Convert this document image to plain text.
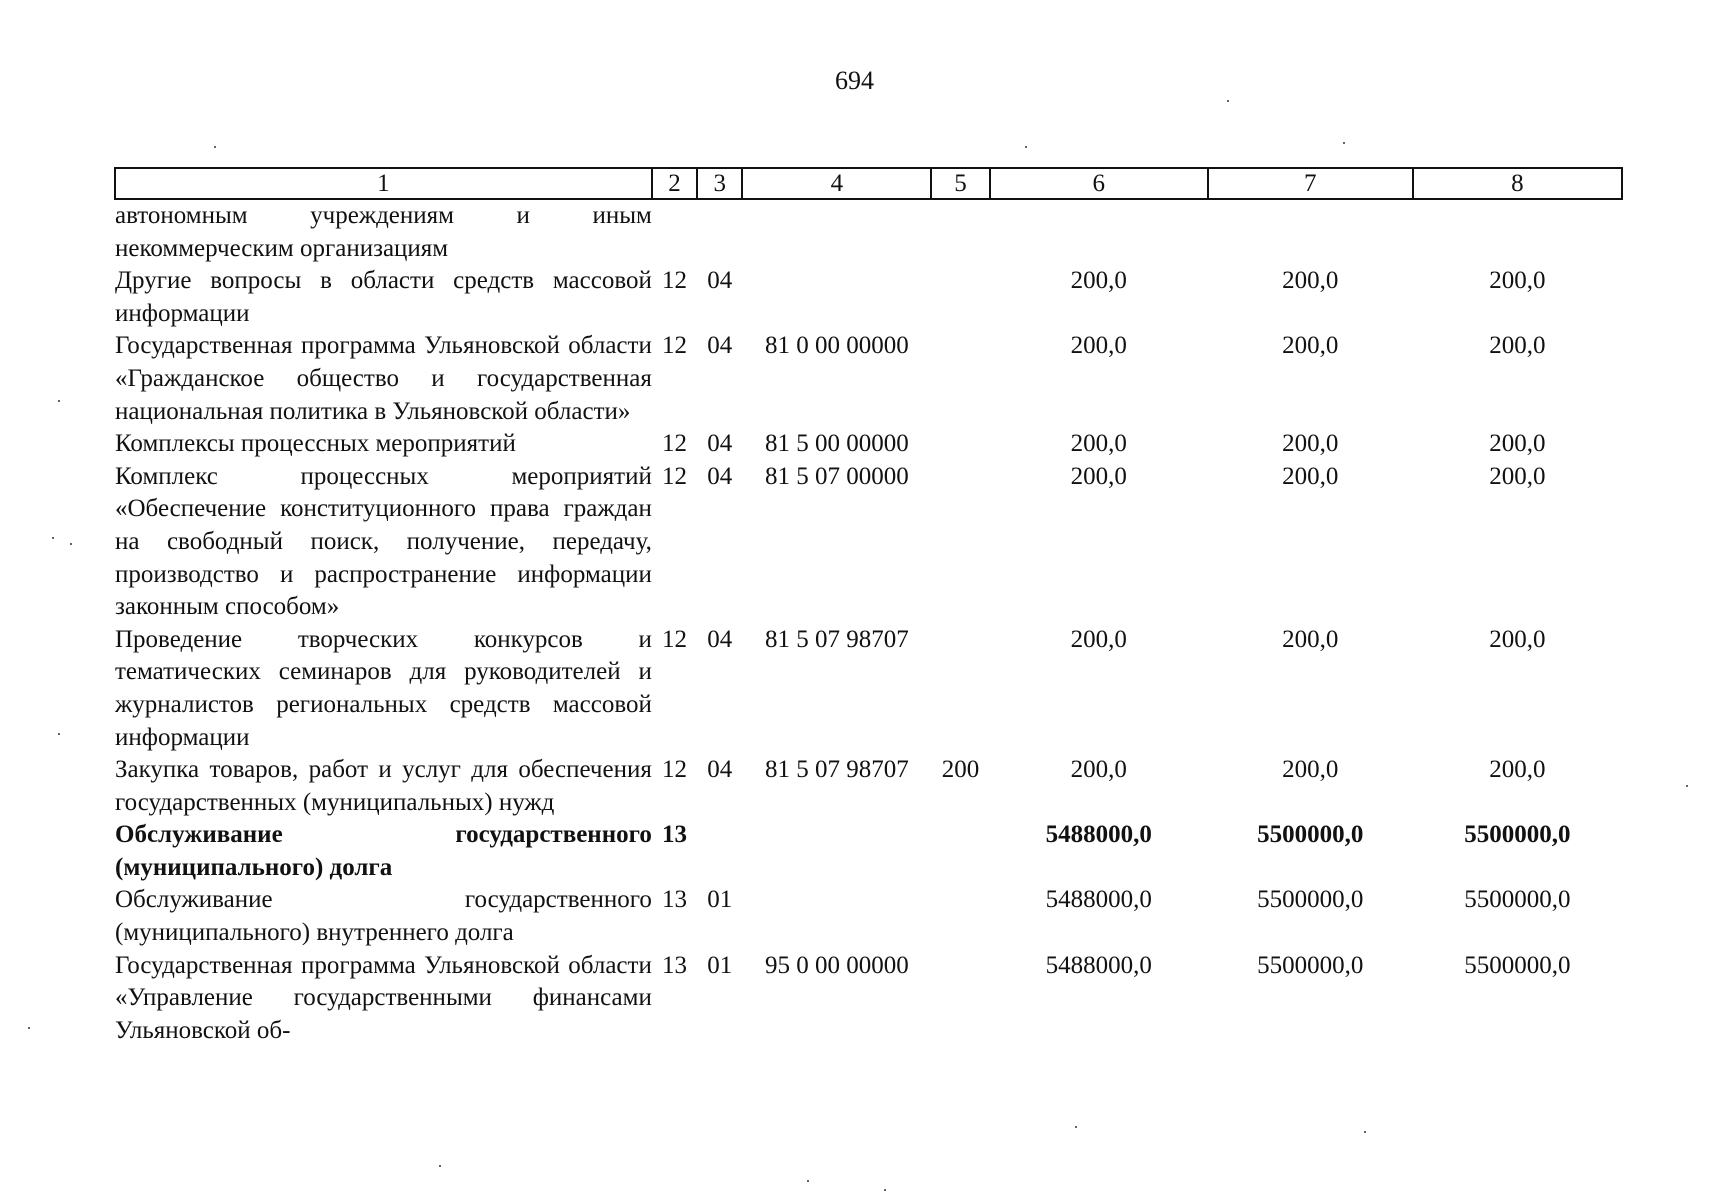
694
1	2	3	4	5	6	7	8
автономным учреждениям и иным некоммерческим организациям							
Другие вопросы в области средств массовой информации	12	04			200,0	200,0	200,0
Государственная программа Ульяновской области «Гражданское общество и государственная национальная политика в Ульяновской области»	12	04	81 0 00 00000		200,0	200,0	200,0
Комплексы процессных мероприятий	12	04	81 5 00 00000		200,0	200,0	200,0
Комплекс процессных мероприятий «Обеспечение конституционного права граждан на свободный поиск, получение, передачу, производство и распространение информации законным способом»	12	04	81 5 07 00000		200,0	200,0	200,0
Проведение творческих конкурсов и тематических семинаров для руководителей и журналистов региональных средств массовой информации	12	04	81 5 07 98707		200,0	200,0	200,0
Закупка товаров, работ и услуг для обеспечения государственных (муниципальных) нужд	12	04	81 5 07 98707	200	200,0	200,0	200,0
Обслуживание государственного (муниципального) долга	13				5488000,0	5500000,0	5500000,0
Обслуживание государственного (муниципального) внутреннего долга	13	01			5488000,0	5500000,0	5500000,0
Государственная программа Ульяновской области «Управление государственными финансами Ульяновской об-	13	01	95 0 00 00000		5488000,0	5500000,0	5500000,0
